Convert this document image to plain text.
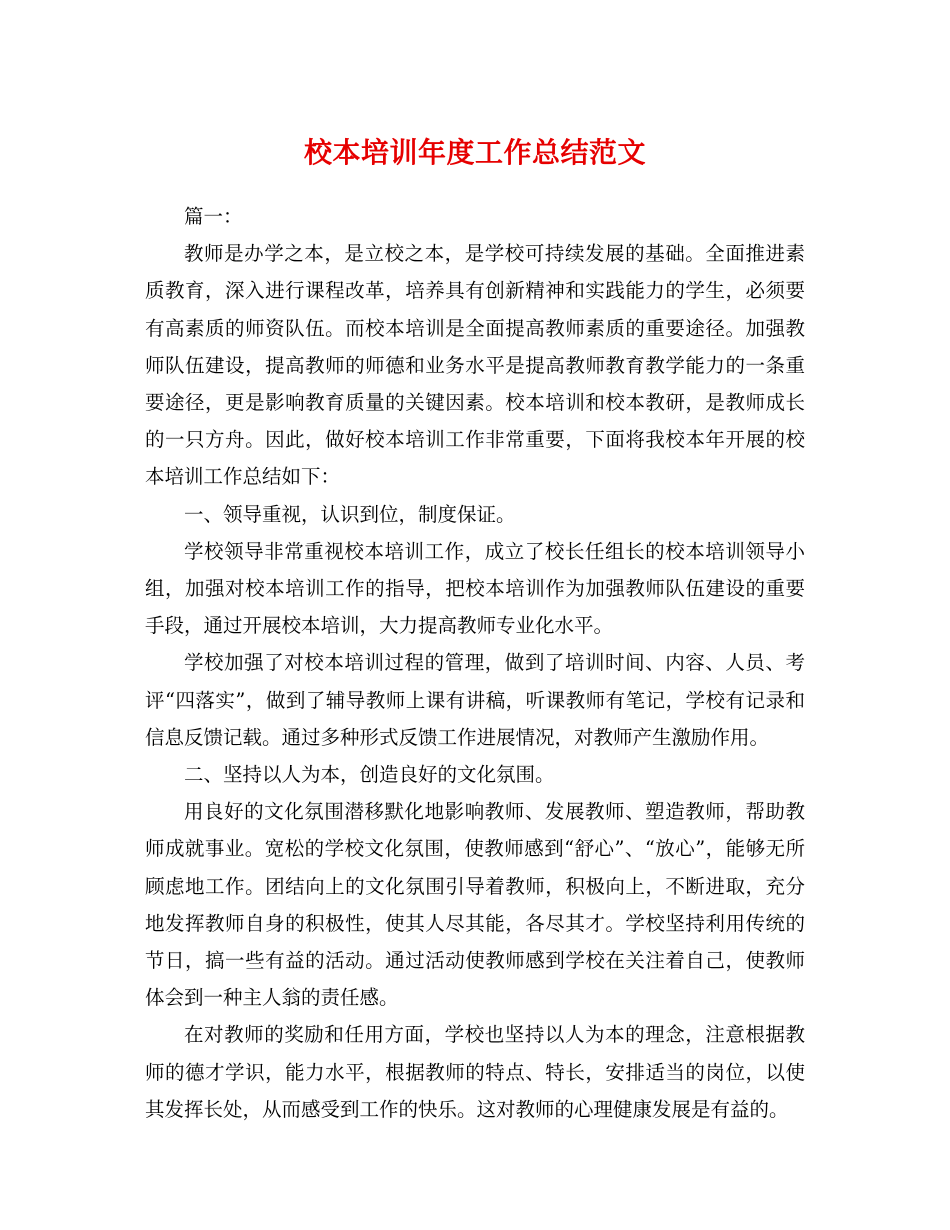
校本培训年度工作总结范文

篇一：

教师是办学之本，是立校之本，是学校可持续发展的基础。全面推进素质教育，深入进行课程改革，培养具有创新精神和实践能力的学生，必须要有高素质的师资队伍。而校本培训是全面提高教师素质的重要途径。加强教师队伍建设，提高教师的师德和业务水平是提高教师教育教学能力的一条重要途径，更是影响教育质量的关键因素。校本培训和校本教研，是教师成长的一只方舟。因此，做好校本培训工作非常重要，下面将我校本年开展的校本培训工作总结如下：

一、领导重视，认识到位，制度保证。

学校领导非常重视校本培训工作，成立了校长任组长的校本培训领导小组，加强对校本培训工作的指导，把校本培训作为加强教师队伍建设的重要手段，通过开展校本培训，大力提高教师专业化水平。

学校加强了对校本培训过程的管理，做到了培训时间、内容、人员、考评“四落实”，做到了辅导教师上课有讲稿，听课教师有笔记，学校有记录和信息反馈记载。通过多种形式反馈工作进展情况，对教师产生激励作用。

二、坚持以人为本，创造良好的文化氛围。

用良好的文化氛围潜移默化地影响教师、发展教师、塑造教师，帮助教师成就事业。宽松的学校文化氛围，使教师感到“舒心”、“放心”，能够无所顾虑地工作。团结向上的文化氛围引导着教师，积极向上，不断进取，充分地发挥教师自身的积极性，使其人尽其能，各尽其才。学校坚持利用传统的节日，搞一些有益的活动。通过活动使教师感到学校在关注着自己，使教师体会到一种主人翁的责任感。

在对教师的奖励和任用方面，学校也坚持以人为本的理念，注意根据教师的德才学识，能力水平，根据教师的特点、特长，安排适当的岗位，以使其发挥长处，从而感受到工作的快乐。这对教师的心理健康发展是有益的。
